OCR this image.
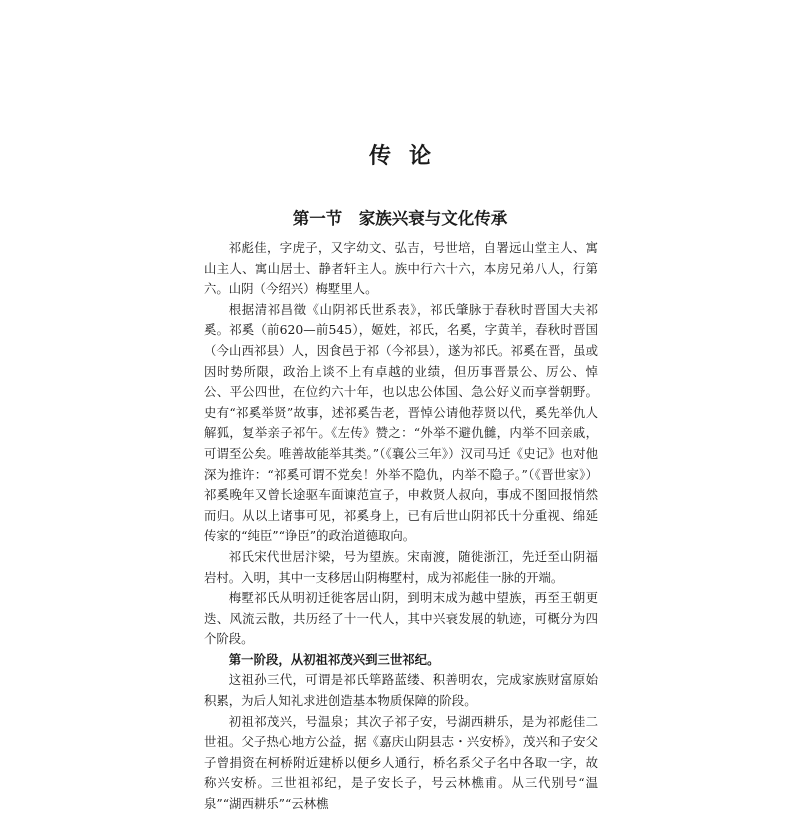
传论
第一节　家族兴衰与文化传承

祁彪佳，字虎子，又字幼文、弘吉，号世培，自署远山堂主人、寓山主人、寓山居士、静者轩主人。族中行六十六，本房兄弟八人，行第六。山阴（今绍兴）梅墅里人。

根据清祁昌徵《山阴祁氏世系表》，祁氏肇脉于春秋时晋国大夫祁奚。祁奚（前620—前545），姬姓，祁氏，名奚，字黄羊，春秋时晋国（今山西祁县）人，因食邑于祁（今祁县），遂为祁氏。祁奚在晋，虽或因时势所限，政治上谈不上有卓越的业绩，但历事晋景公、厉公、悼公、平公四世，在位约六十年，也以忠公体国、急公好义而享誉朝野。史有“祁奚举贤”故事，述祁奚告老，晋悼公请他荐贤以代，奚先举仇人解狐，复举亲子祁午。《左传》赞之：“外举不避仇雠，内举不回亲戚，可谓至公矣。唯善故能举其类。”（《襄公三年》）汉司马迁《史记》也对他深为推许：“祁奚可谓不党矣！外举不隐仇，内举不隐子。”（《晋世家》）祁奚晚年又曾长途驱车面谏范宣子，申救贤人叔向，事成不图回报悄然而归。从以上诸事可见，祁奚身上，已有后世山阴祁氏十分重视、绵延传家的“纯臣”“诤臣”的政治道德取向。

祁氏宋代世居汴梁，号为望族。宋南渡，随徙浙江，先迁至山阴福岩村。入明，其中一支移居山阴梅墅村，成为祁彪佳一脉的开端。

梅墅祁氏从明初迁徙客居山阴，到明末成为越中望族，再至王朝更迭、风流云散，共历经了十一代人，其中兴衰发展的轨迹，可概分为四个阶段。

第一阶段，从初祖祁茂兴到三世祁纪。

这祖孙三代，可谓是祁氏筚路蓝缕、积善明农，完成家族财富原始积累，为后人知礼求进创造基本物质保障的阶段。

初祖祁茂兴，号温泉；其次子祁子安，号湖西耕乐，是为祁彪佳二世祖。父子热心地方公益，据《嘉庆山阴县志・兴安桥》，茂兴和子安父子曾捐资在柯桥附近建桥以便乡人通行，桥名系父子名中各取一字，故称兴安桥。三世祖祁纪，是子安长子，号云林樵甫。从三代别号“温泉”“湖西耕乐”“云林樵
